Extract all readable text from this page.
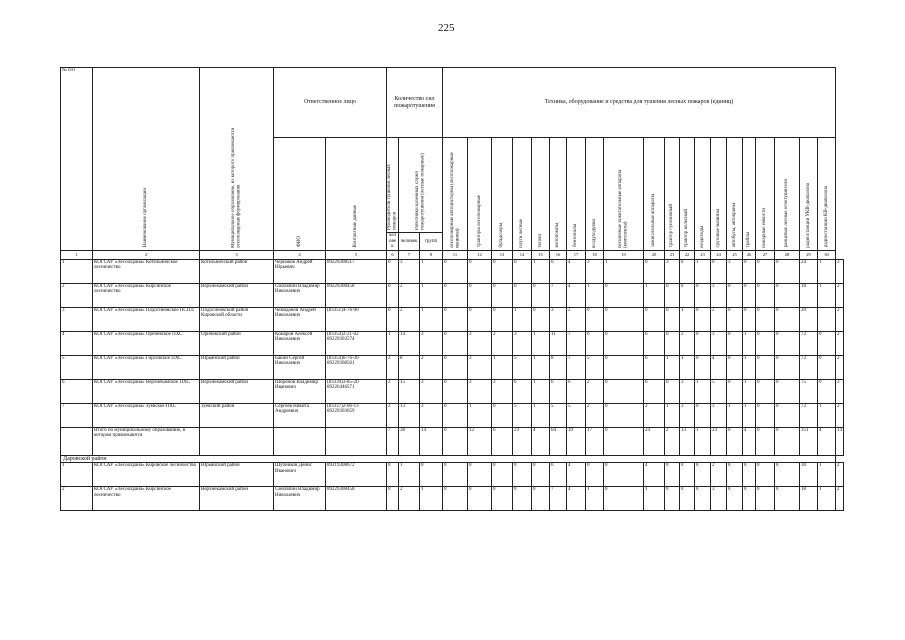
225
№ п/п	Наименование организации	Муниципальное образование, из которого привлекаются лесопожарные формирования	Ответственное лицо		Количество сил пожаротушения			Техника, оборудование и средства для тушения лесных пожаров (единиц)																				

			ФИО	Контактные данные	Руководители тушения лесных пожаров	Работники наземных служб пожаротушения (лесные пожарные)		лесопожарные автоцистерны (лесопожарные машины)	тракторы лесопожарные	бульдозеры	плуги лесные	тягачи	мотопомпы	бензопилы	воздуходувки	бесшовные зажигательные аппараты (комплекты)	зажигательные аппараты	трактор гусеничный	трактор колесный	вездеходы	грузовые машины	автобусы, автокраны	трайлы	пожарные емкости	ранцевые лесные огнетушители	радиостанции УКВ-диапазона	радиостанции КВ-диапазона	

					человек	человек	групп																					
1	2	3	4	5	6	7	8	11	12	13	14	15	16	17	18	19	20	21	22	23	24	25	26	27	28	29	30	
1	КОГСАУ «Лесоохрана» Котельничское лесничество	Котельничский район	Чернаков Андрей Юрьевич	89229308517	0	3	1	0	0	0	0	1	0	4	3	1	0	3	0	1	0	3	0	0	0	24	1	3
2	КОГСАУ «Лесоохрана» Кирсинское лесничество	Верхнекамский район	Смоляпин Владимир Николаевич	89229308458	0	2	1	0	0	0	0	0	7	4	1	0	1	0	0	0	3	0	0	0	0	18	1	2
3	КОГСАУ «Лесоохрана» Подосиновское ПСПЛ	Подосиновский район Кировской области	Чемоданов Андрей Николаевич	(83351)4-76-90	0	2	1	0	0	0	1	0	3	2	0	0	0	0	1	0	2	0	0	0	0	20		2
4	КОГСАУ «Лесоохрана» Оричевское ПХС	Оричевский район	Комаров Алексей Николаевич	(83354)2-21-92 89229303574	1	14	3	0	3	2	3	1	11	7	6	0	6	0	2	0	3	0	1	0	0	72	0	2
5	КОГСАУ «Лесоохрана» Гирсовское ПХС	Юрьянский район	Бакин Сергей Николаевич	(83354)6-76-30 89229308561	2	8	2	0	3	1	5	1	8	7	5	0	6	1	1	0	4	0	1	0	0	72	0	2
6	КОГСАУ «Лесоохрана» Верхнекамское ПХС	Верхнекамский район	Шоронов Владимир Иванович	(83339)3-85-20 89226446571	2	15	3	0	3	3	6	1	6	6	2	0	6	0	3	1	5	0	1	0	0	75	0	3
7	КОГСАУ «Лесоохрана» Зуевское ПХС	Зуевский район	Сергеев Никита Андреевич	(83337)2-06-13 89229303659	2	13	3	0	1	0	5	1	5	5	2	0	2	1	3	0	3	1	1	0	0	72	1	2
	Итого по муниципальному образованию, в котором привлекаются				7	38	14	0	12	6	23	4	64	39	17	0	24	2	13	1	23	0	4	0	0	351	4	14
Даровской район																												
1	КОГСАУ «Лесоохрана» Кировское лесничество	Юрьянский район	Шубников Денис Иванович	89219308672	0	1	0	0	0	0	0	0	6	4	0	0	4	0	0	0	2	0	0	0	0	30	1	2
2	КОГСАУ «Лесоохрана» Кирсинское лесничество	Верхнекамский район	Смоляпин Владимир Николаевич	89229308458	0	2	1	0	0	0	0	0	7	4	1	0	1	0	0	0	3	0	0	0	0	18	1	2
